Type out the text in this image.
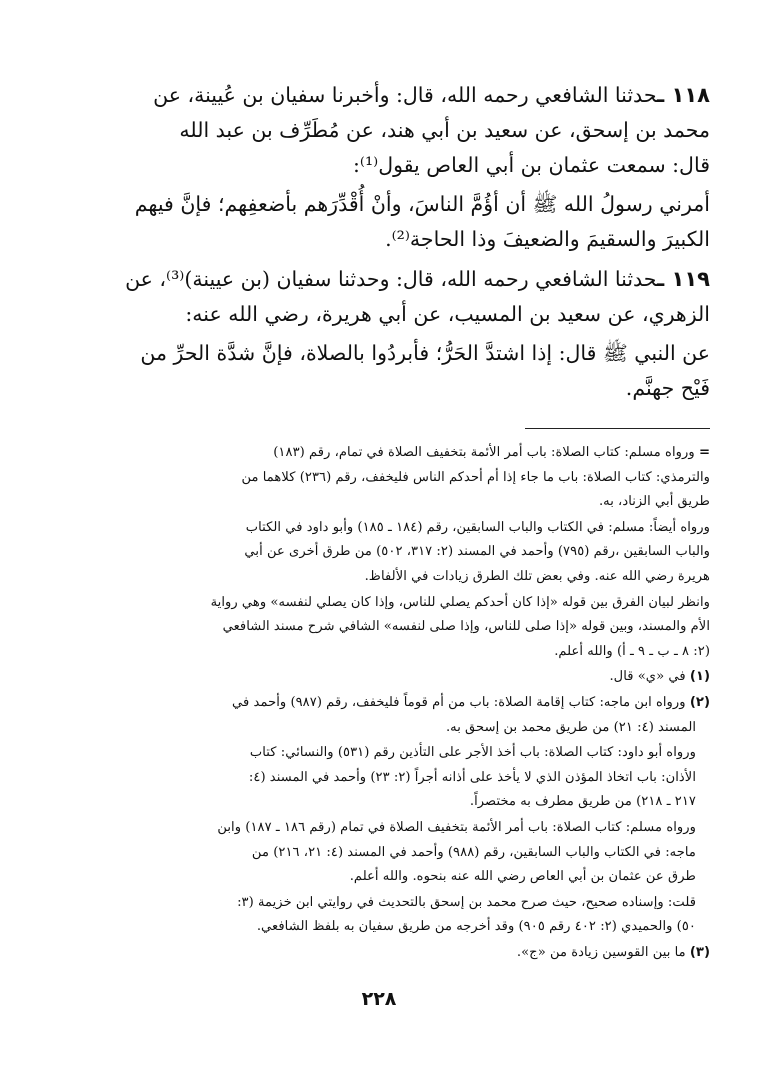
١١٨ ـحدثنا الشافعي رحمه الله، قال: وأخبرنا سفيان بن عُيينة، عن
محمد بن إسحق، عن سعيد بن أبي هند، عن مُطَرِّف بن عبد الله
قال: سمعت عثمان بن أبي العاص يقول⁽¹⁾:

أمرني رسولُ الله ﷺ أن أؤُمَّ الناسَ، وأنْ أُقْدِّرَهم بأضعفِهم؛ فإنَّ فيهم
الكبيرَ والسقيمَ والضعيفَ وذا الحاجة⁽²⁾.

١١٩ ـحدثنا الشافعي رحمه الله، قال: وحدثنا سفيان (بن عيينة)⁽³⁾، عن
الزهري، عن سعيد بن المسيب، عن أبي هريرة، رضي الله عنه:

عن النبي ﷺ قال: إذا اشتدَّ الحَرُّ؛ فأبردُوا بالصلاة، فإنَّ شدَّة الحرِّ من
فَيْح جهنَّم.

= ورواه مسلم: كتاب الصلاة: باب أمر الأئمة بتخفيف الصلاة في تمام، رقم (١٨٣)
والترمذي: كتاب الصلاة: باب ما جاء إذا أم أحدكم الناس فليخفف، رقم (٢٣٦) كلاهما من
طريق أبي الزناد، به.
ورواه أيضاً: مسلم: في الكتاب والباب السابقين، رقم (١٨٤ ـ ١٨٥) وأبو داود في الكتاب
والباب السابقين ،رقم (٧٩٥) وأحمد في المسند (٢: ٣١٧، ٥٠٢) من طرق أخرى عن أبي
هريرة رضي الله عنه. وفي بعض تلك الطرق زيادات في الألفاظ.
وانظر لبيان الفرق بين قوله «إذا كان أحدكم يصلي للناس، وإذا كان يصلي لنفسه» وهي رواية
الأم والمسند، وبين قوله «إذا صلى للناس، وإذا صلى لنفسه» الشافي شرح مسند الشافعي
(٢: ٨ ـ ب ـ ٩ ـ أ) والله أعلم.
(١) في «ي» قال.
(٢) ورواه ابن ماجه: كتاب إقامة الصلاة: باب من أم قوماً فليخفف، رقم (٩٨٧) وأحمد في
المسند (٤: ٢١) من طريق محمد بن إسحق به.
ورواه أبو داود: كتاب الصلاة: باب أخذ الأجر على التأذين رقم (٥٣١) والنسائي: كتاب
الأذان: باب اتخاذ المؤذن الذي لا يأخذ على أذانه أجراً (٢: ٢٣) وأحمد في المسند (٤:
٢١٧ ـ ٢١٨) من طريق مطرف به مختصراً.
ورواه مسلم: كتاب الصلاة: باب أمر الأئمة بتخفيف الصلاة في تمام (رقم ١٨٦ ـ ١٨٧) وابن
ماجه: في الكتاب والباب السابقين، رقم (٩٨٨) وأحمد في المسند (٤: ٢١، ٢١٦) من
طرق عن عثمان بن أبي العاص رضي الله عنه بنحوه. والله أعلم.
قلت: وإسناده صحيح، حيث صرح محمد بن إسحق بالتحديث في روايتي ابن خزيمة (٣:
٥٠) والحميدي (٢: ٤٠٢ رقم ٩٠٥) وقد أخرجه من طريق سفيان به بلفظ الشافعي.
(٣) ما بين القوسين زيادة من «ج».
٢٢٨
